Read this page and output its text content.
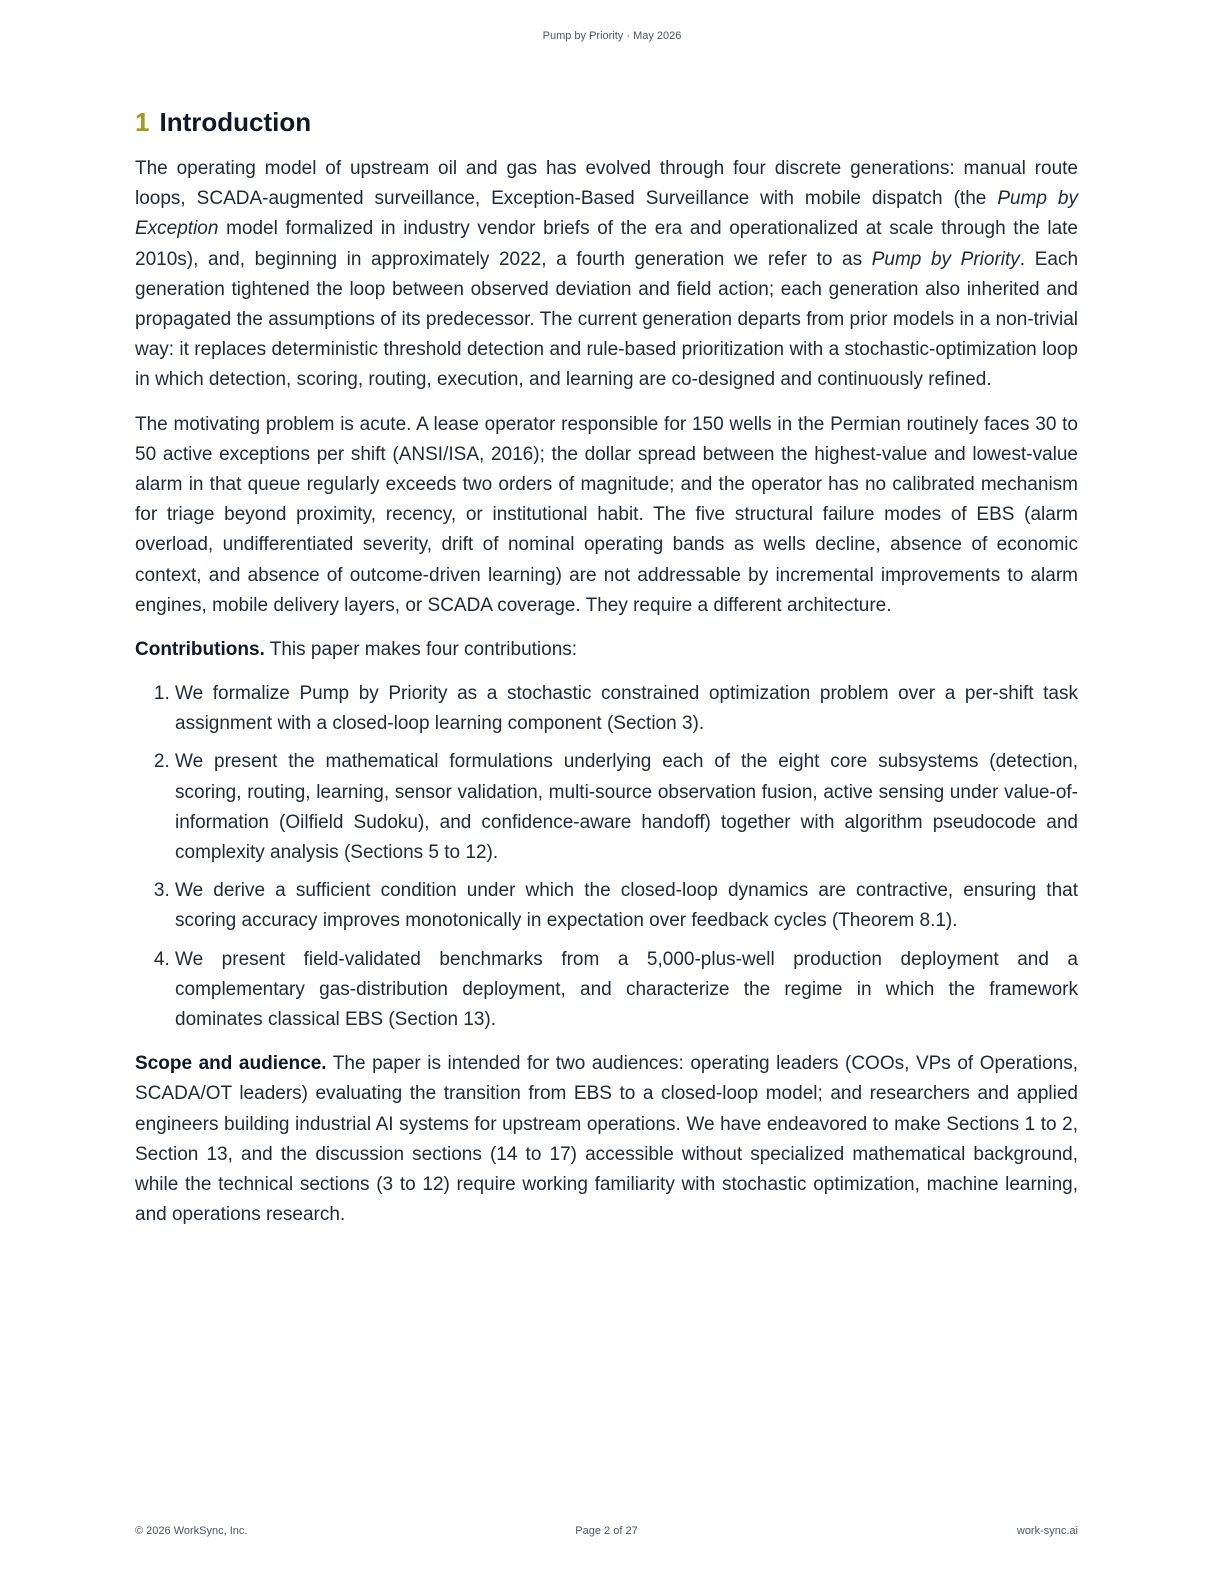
Pump by Priority · May 2026
1 Introduction

The operating model of upstream oil and gas has evolved through four discrete generations: manual route loops, SCADA-augmented surveillance, Exception-Based Surveillance with mobile dispatch (the Pump by Exception model formalized in industry vendor briefs of the era and operationalized at scale through the late 2010s), and, beginning in approximately 2022, a fourth generation we refer to as Pump by Priority. Each generation tightened the loop between observed deviation and field action; each generation also inherited and propagated the assumptions of its predecessor. The current generation departs from prior models in a non-trivial way: it replaces deterministic threshold detection and rule-based prioritization with a stochastic-optimization loop in which detection, scoring, routing, execution, and learning are co-designed and continuously refined.

The motivating problem is acute. A lease operator responsible for 150 wells in the Permian routinely faces 30 to 50 active exceptions per shift (ANSI/ISA, 2016); the dollar spread between the highest-value and lowest-value alarm in that queue regularly exceeds two orders of magnitude; and the operator has no calibrated mechanism for triage beyond proximity, recency, or institutional habit. The five structural failure modes of EBS (alarm overload, undifferentiated severity, drift of nominal operating bands as wells decline, absence of economic context, and absence of outcome-driven learning) are not addressable by incremental improvements to alarm engines, mobile delivery layers, or SCADA coverage. They require a different architecture.

Contributions. This paper makes four contributions:

1. We formalize Pump by Priority as a stochastic constrained optimization problem over a per-shift task assignment with a closed-loop learning component (Section 3).
2. We present the mathematical formulations underlying each of the eight core subsystems (detection, scoring, routing, learning, sensor validation, multi-source observation fusion, active sensing under value-of-information (Oilfield Sudoku), and confidence-aware handoff) together with algorithm pseudocode and complexity analysis (Sections 5 to 12).
3. We derive a sufficient condition under which the closed-loop dynamics are contractive, ensuring that scoring accuracy improves monotonically in expectation over feedback cycles (Theorem 8.1).
4. We present field-validated benchmarks from a 5,000-plus-well production deployment and a complementary gas-distribution deployment, and characterize the regime in which the framework dominates classical EBS (Section 13).

Scope and audience. The paper is intended for two audiences: operating leaders (COOs, VPs of Operations, SCADA/OT leaders) evaluating the transition from EBS to a closed-loop model; and researchers and applied engineers building industrial AI systems for upstream operations. We have endeavored to make Sections 1 to 2, Section 13, and the discussion sections (14 to 17) accessible without specialized mathematical background, while the technical sections (3 to 12) require working familiarity with stochastic optimization, machine learning, and operations research.

© 2026 WorkSync, Inc.	Page 2 of 27	work-sync.ai
